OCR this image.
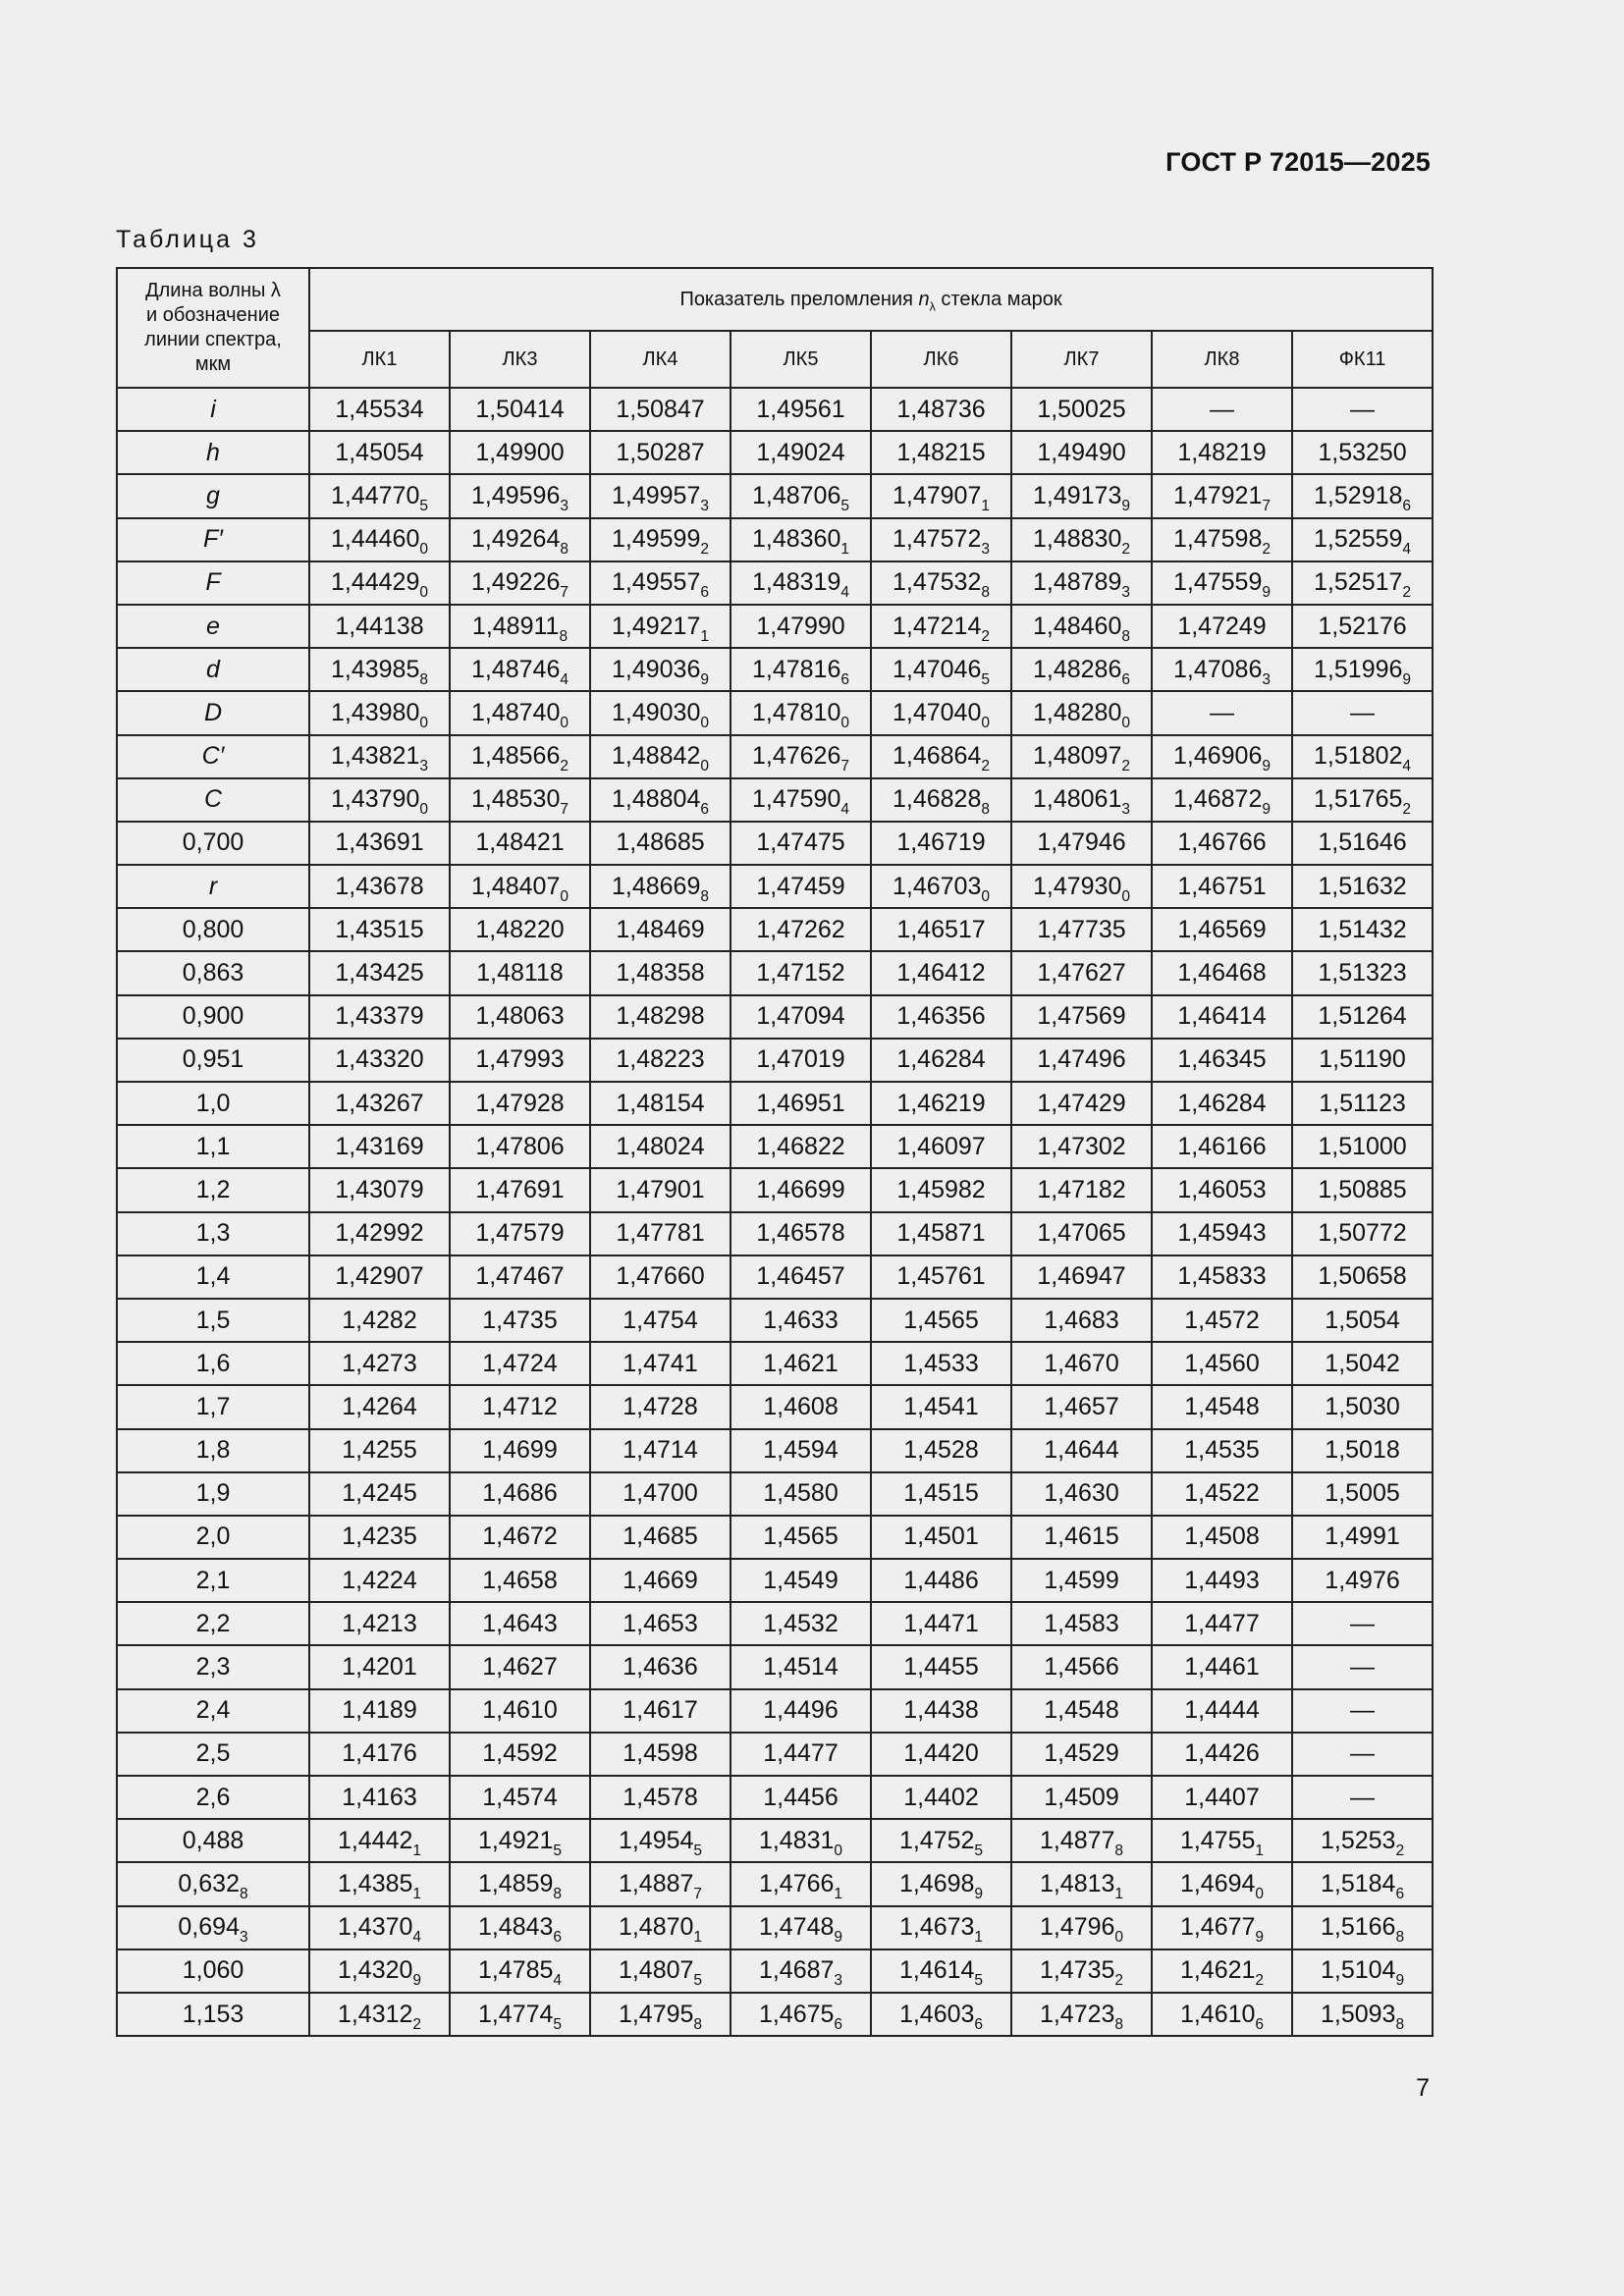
ГОСТ Р 72015—2025
Таблица 3
Длина волны λ
и обозначение
линии спектра,
мкм	Показатель преломления $n_\lambda$ стекла марок							
	ЛК1	ЛК3	ЛК4	ЛК5	ЛК6	ЛК7	ЛК8	ФК11
i	1,45534	1,50414	1,50847	1,49561	1,48736	1,50025	—	—
h	1,45054	1,49900	1,50287	1,49024	1,48215	1,49490	1,48219	1,53250
g	$1,44770_5$	$1,49596_3$	$1,49957_3$	$1,48706_5$	$1,47907_1$	$1,49173_9$	$1,47921_7$	$1,52918_6$
F′	$1,44460_0$	$1,49264_8$	$1,49599_2$	$1,48360_1$	$1,47572_3$	$1,48830_2$	$1,47598_2$	$1,52559_4$
F	$1,44429_0$	$1,49226_7$	$1,49557_6$	$1,48319_4$	$1,47532_8$	$1,48789_3$	$1,47559_9$	$1,52517_2$
e	1,44138	$1,48911_8$	$1,49217_1$	1,47990	$1,47214_2$	$1,48460_8$	1,47249	1,52176
d	$1,43985_8$	$1,48746_4$	$1,49036_9$	$1,47816_6$	$1,47046_5$	$1,48286_6$	$1,47086_3$	$1,51996_9$
D	$1,43980_0$	$1,48740_0$	$1,49030_0$	$1,47810_0$	$1,47040_0$	$1,48280_0$	—	—
C′	$1,43821_3$	$1,48566_2$	$1,48842_0$	$1,47626_7$	$1,46864_2$	$1,48097_2$	$1,46906_9$	$1,51802_4$
C	$1,43790_0$	$1,48530_7$	$1,48804_6$	$1,47590_4$	$1,46828_8$	$1,48061_3$	$1,46872_9$	$1,51765_2$
0,700	1,43691	1,48421	1,48685	1,47475	1,46719	1,47946	1,46766	1,51646
r	1,43678	$1,48407_0$	$1,48669_8$	1,47459	$1,46703_0$	$1,47930_0$	1,46751	1,51632
0,800	1,43515	1,48220	1,48469	1,47262	1,46517	1,47735	1,46569	1,51432
0,863	1,43425	1,48118	1,48358	1,47152	1,46412	1,47627	1,46468	1,51323
0,900	1,43379	1,48063	1,48298	1,47094	1,46356	1,47569	1,46414	1,51264
0,951	1,43320	1,47993	1,48223	1,47019	1,46284	1,47496	1,46345	1,51190
1,0	1,43267	1,47928	1,48154	1,46951	1,46219	1,47429	1,46284	1,51123
1,1	1,43169	1,47806	1,48024	1,46822	1,46097	1,47302	1,46166	1,51000
1,2	1,43079	1,47691	1,47901	1,46699	1,45982	1,47182	1,46053	1,50885
1,3	1,42992	1,47579	1,47781	1,46578	1,45871	1,47065	1,45943	1,50772
1,4	1,42907	1,47467	1,47660	1,46457	1,45761	1,46947	1,45833	1,50658
1,5	1,4282	1,4735	1,4754	1,4633	1,4565	1,4683	1,4572	1,5054
1,6	1,4273	1,4724	1,4741	1,4621	1,4533	1,4670	1,4560	1,5042
1,7	1,4264	1,4712	1,4728	1,4608	1,4541	1,4657	1,4548	1,5030
1,8	1,4255	1,4699	1,4714	1,4594	1,4528	1,4644	1,4535	1,5018
1,9	1,4245	1,4686	1,4700	1,4580	1,4515	1,4630	1,4522	1,5005
2,0	1,4235	1,4672	1,4685	1,4565	1,4501	1,4615	1,4508	1,4991
2,1	1,4224	1,4658	1,4669	1,4549	1,4486	1,4599	1,4493	1,4976
2,2	1,4213	1,4643	1,4653	1,4532	1,4471	1,4583	1,4477	—
2,3	1,4201	1,4627	1,4636	1,4514	1,4455	1,4566	1,4461	—
2,4	1,4189	1,4610	1,4617	1,4496	1,4438	1,4548	1,4444	—
2,5	1,4176	1,4592	1,4598	1,4477	1,4420	1,4529	1,4426	—
2,6	1,4163	1,4574	1,4578	1,4456	1,4402	1,4509	1,4407	—
0,488	$1,4442_1$	$1,4921_5$	$1,4954_5$	$1,4831_0$	$1,4752_5$	$1,4877_8$	$1,4755_1$	$1,5253_2$
$0,632_8$	$1,4385_1$	$1,4859_8$	$1,4887_7$	$1,4766_1$	$1,4698_9$	$1,4813_1$	$1,4694_0$	$1,5184_6$
$0,694_3$	$1,4370_4$	$1,4843_6$	$1,4870_1$	$1,4748_9$	$1,4673_1$	$1,4796_0$	$1,4677_9$	$1,5166_8$
1,060	$1,4320_9$	$1,4785_4$	$1,4807_5$	$1,4687_3$	$1,4614_5$	$1,4735_2$	$1,4621_2$	$1,5104_9$
1,153	$1,4312_2$	$1,4774_5$	$1,4795_8$	$1,4675_6$	$1,4603_6$	$1,4723_8$	$1,4610_6$	$1,5093_8$
7
